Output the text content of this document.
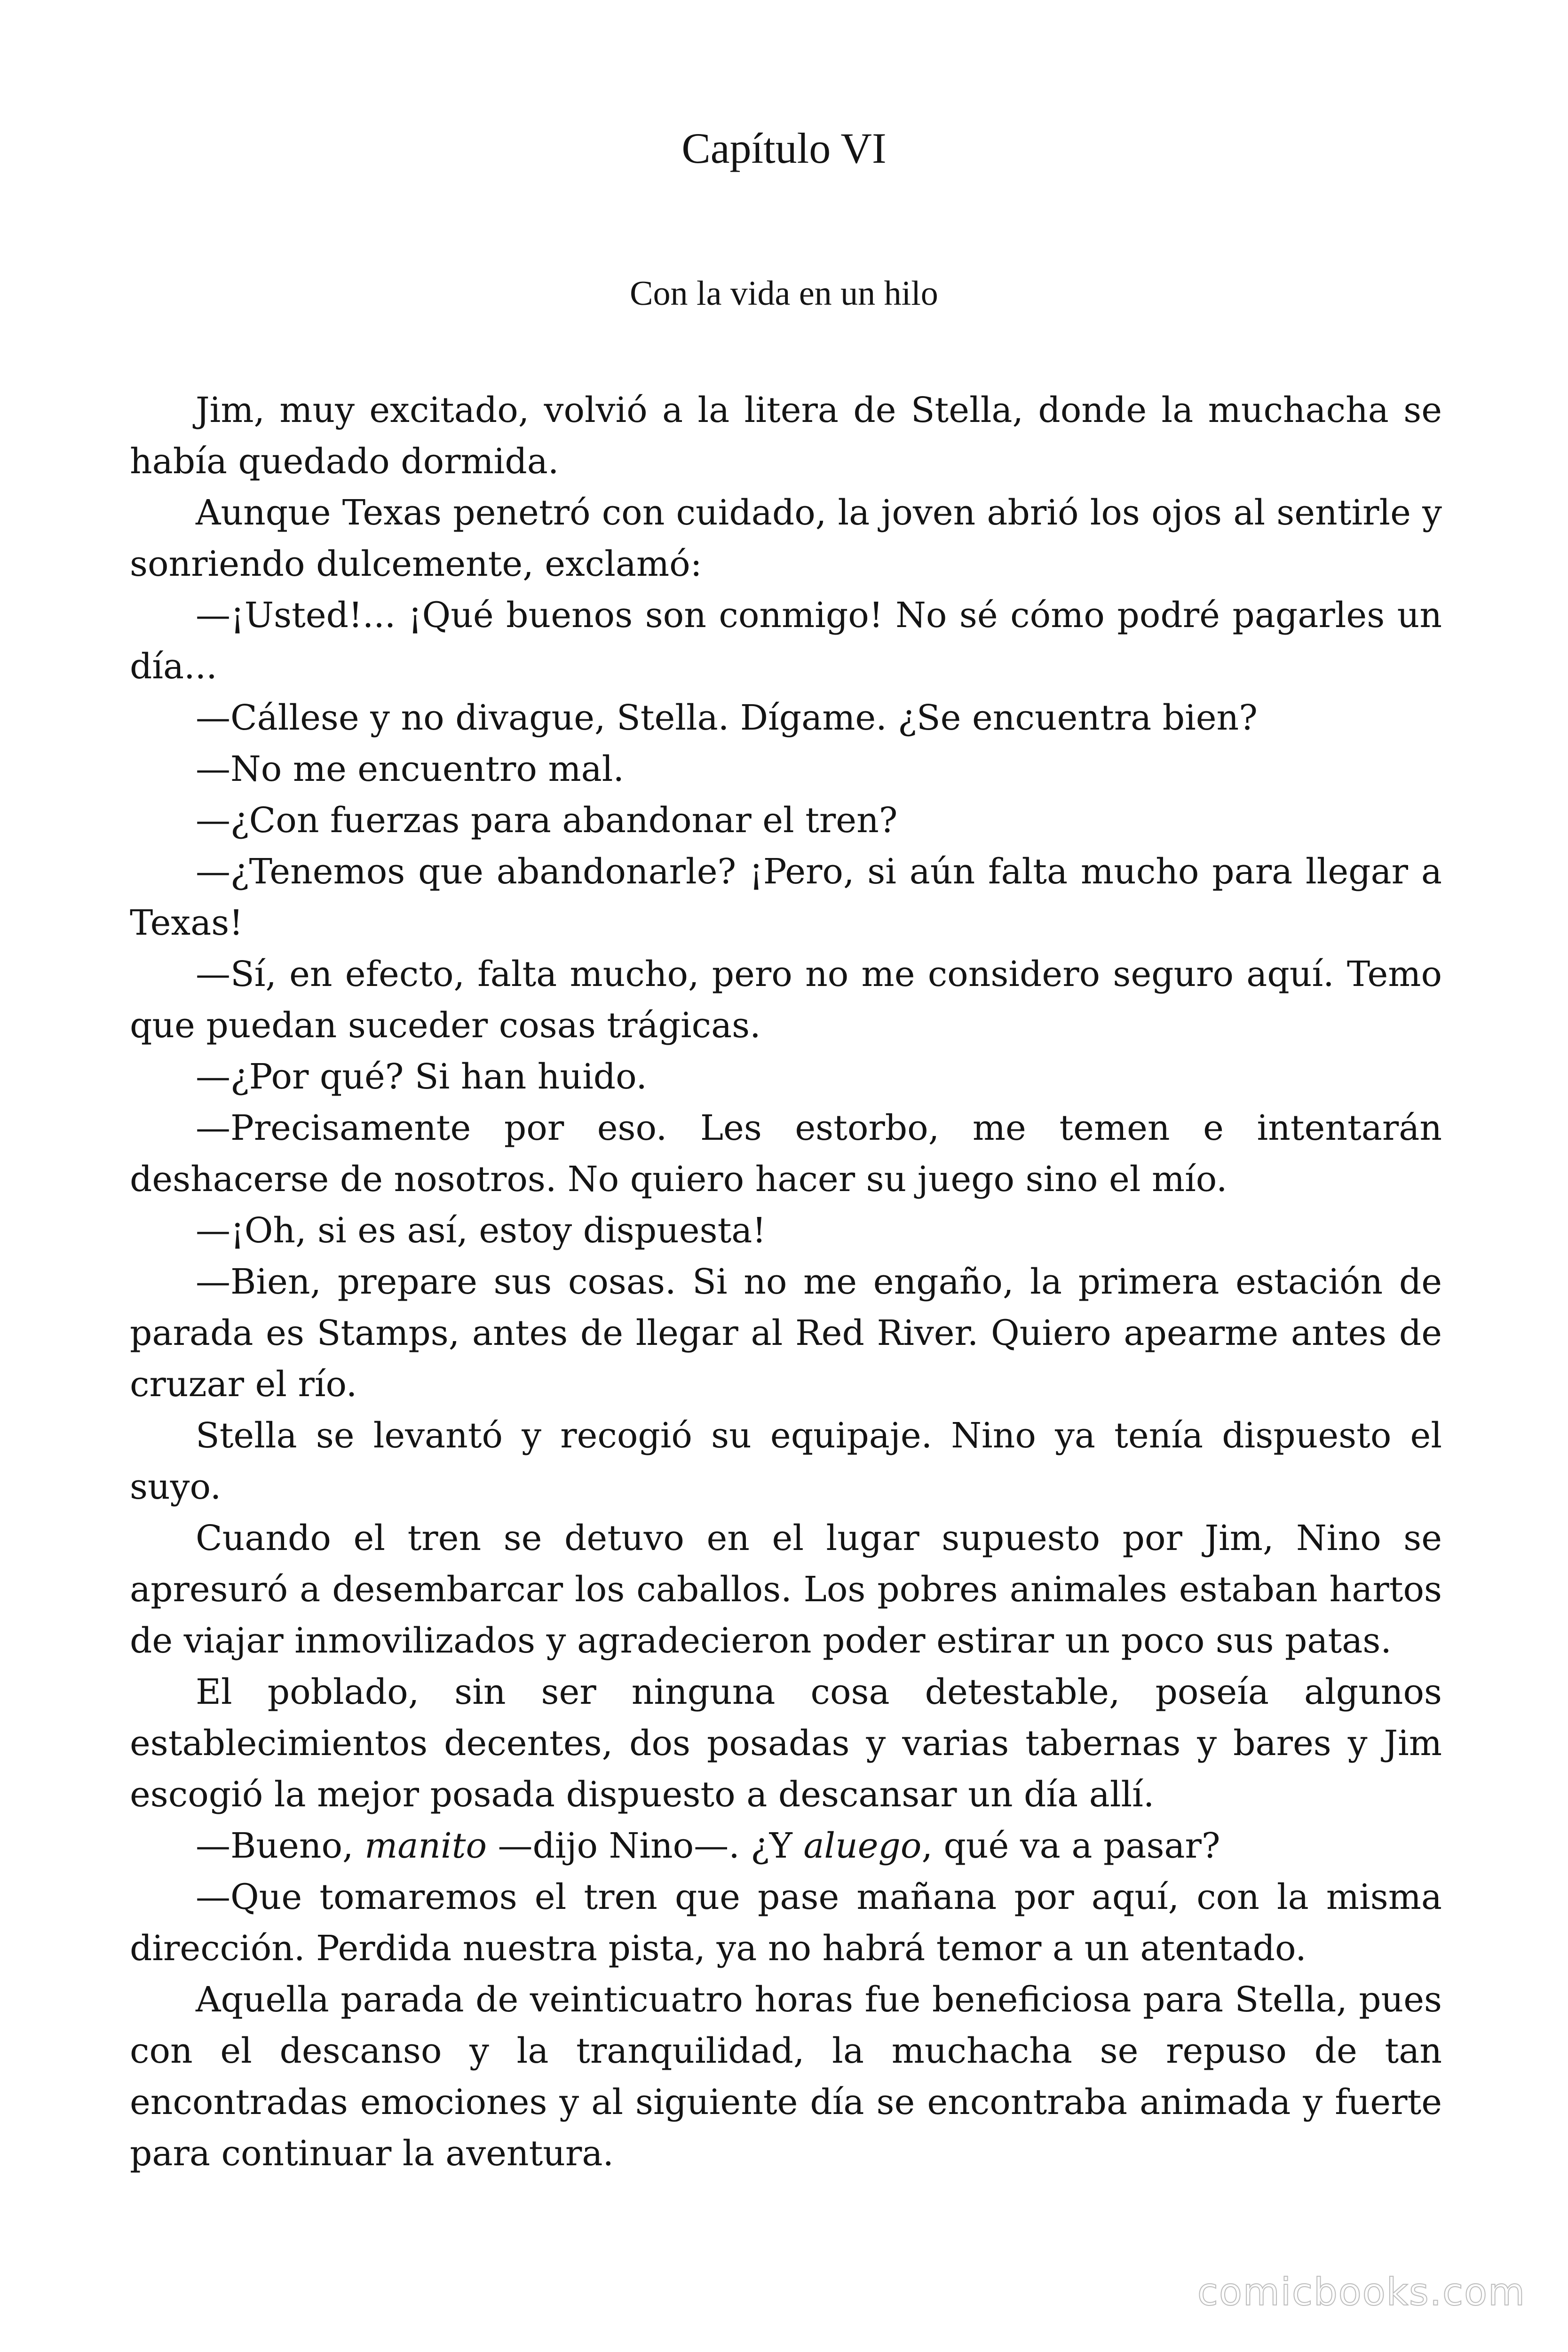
Capítulo VI
Con la vida en un hilo

Jim, muy excitado, volvió a la litera de Stella, donde la muchacha se había quedado dormida.

Aunque Texas penetró con cuidado, la joven abrió los ojos al sentirle y sonriendo dulcemente, exclamó:

—¡Usted!... ¡Qué buenos son conmigo! No sé cómo podré pagarles un día...

—Cállese y no divague, Stella. Dígame. ¿Se encuentra bien?

—No me encuentro mal.

—¿Con fuerzas para abandonar el tren?

—¿Tenemos que abandonarle? ¡Pero, si aún falta mucho para llegar a Texas!

—Sí, en efecto, falta mucho, pero no me considero seguro aquí. Temo que puedan suceder cosas trágicas.

—¿Por qué? Si han huido.

—Precisamente por eso. Les estorbo, me temen e intentarán deshacerse de nosotros. No quiero hacer su juego sino el mío.

—¡Oh, si es así, estoy dispuesta!

—Bien, prepare sus cosas. Si no me engaño, la primera estación de parada es Stamps, antes de llegar al Red River. Quiero apearme antes de cruzar el río.

Stella se levantó y recogió su equipaje. Nino ya tenía dispuesto el suyo.

Cuando el tren se detuvo en el lugar supuesto por Jim, Nino se apresuró a desembarcar los caballos. Los pobres animales estaban hartos de viajar inmovilizados y agradecieron poder estirar un poco sus patas.

El poblado, sin ser ninguna cosa detestable, poseía algunos establecimientos decentes, dos posadas y varias tabernas y bares y Jim escogió la mejor posada dispuesto a descansar un día allí.

—Bueno, manito —dijo Nino—. ¿Y aluego, qué va a pasar?

—Que tomaremos el tren que pase mañana por aquí, con la misma dirección. Perdida nuestra pista, ya no habrá temor a un atentado.

Aquella parada de veinticuatro horas fue beneficiosa para Stella, pues con el descanso y la tranquilidad, la muchacha se repuso de tan encontradas emociones y al siguiente día se encontraba animada y fuerte para continuar la aventura.

comicbooks.com
